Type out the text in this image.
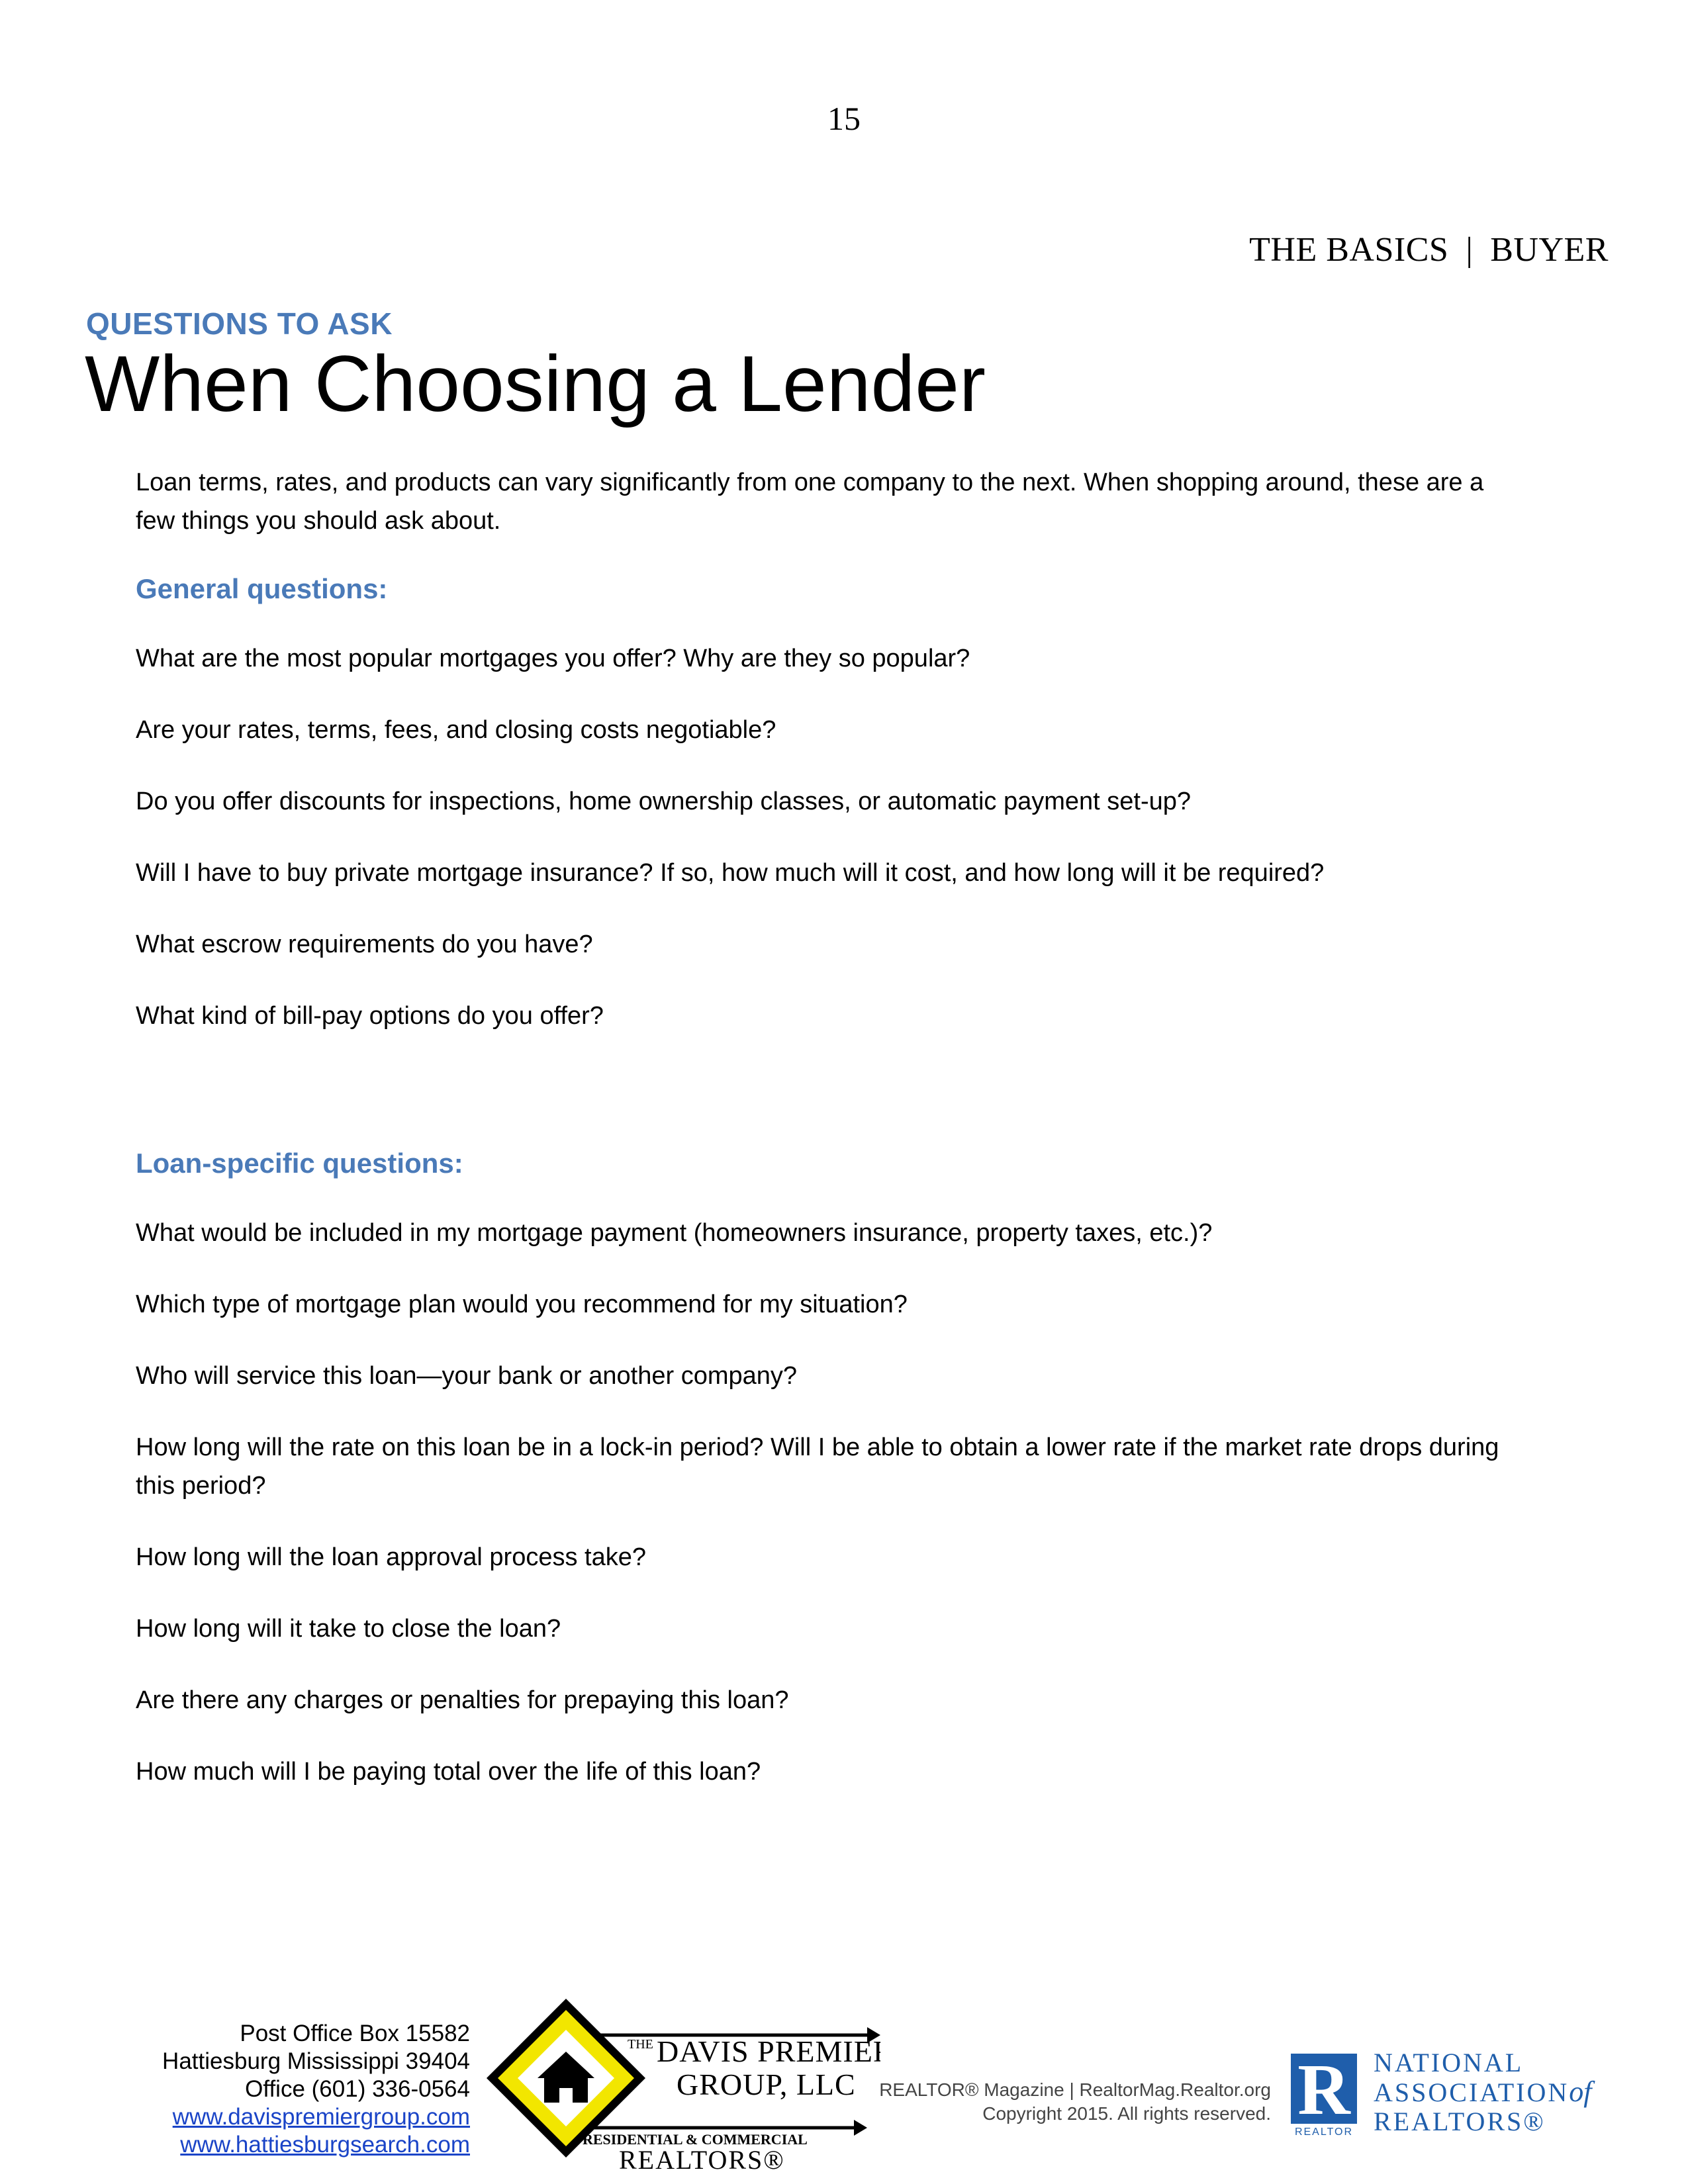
15
THE BASICS | BUYER
QUESTIONS TO ASK
When Choosing a Lender

Loan terms, rates, and products can vary significantly from one company to the next. When shopping around, these are a few things you should ask about.

General questions:
What are the most popular mortgages you offer? Why are they so popular?
Are your rates, terms, fees, and closing costs negotiable?
Do you offer discounts for inspections, home ownership classes, or automatic payment set-up?
Will I have to buy private mortgage insurance? If so, how much will it cost, and how long will it be required?
What escrow requirements do you have?
What kind of bill-pay options do you offer?
Loan-specific questions:
What would be included in my mortgage payment (homeowners insurance, property taxes, etc.)?
Which type of mortgage plan would you recommend for my situation?
Who will service this loan—your bank or another company?
How long will the rate on this loan be in a lock-in period? Will I be able to obtain a lower rate if the market rate drops during this period?
How long will the loan approval process take?
How long will it take to close the loan?
Are there any charges or penalties for prepaying this loan?
How much will I be paying total over the life of this loan?
Post Office Box 15582
Hattiesburg Mississippi 39404
Office (601) 336-0564
www.davispremiergroup.com
www.hattiesburgsearch.com
THE DAVIS PREMIER
GROUP, LLC
RESIDENTIAL & COMMERCIAL
REALTORS®
REALTOR® Magazine | RealtorMag.Realtor.org
Copyright 2015. All rights reserved. R
REALTOR
NATIONAL
ASSOCIATIONof
REALTORS®
